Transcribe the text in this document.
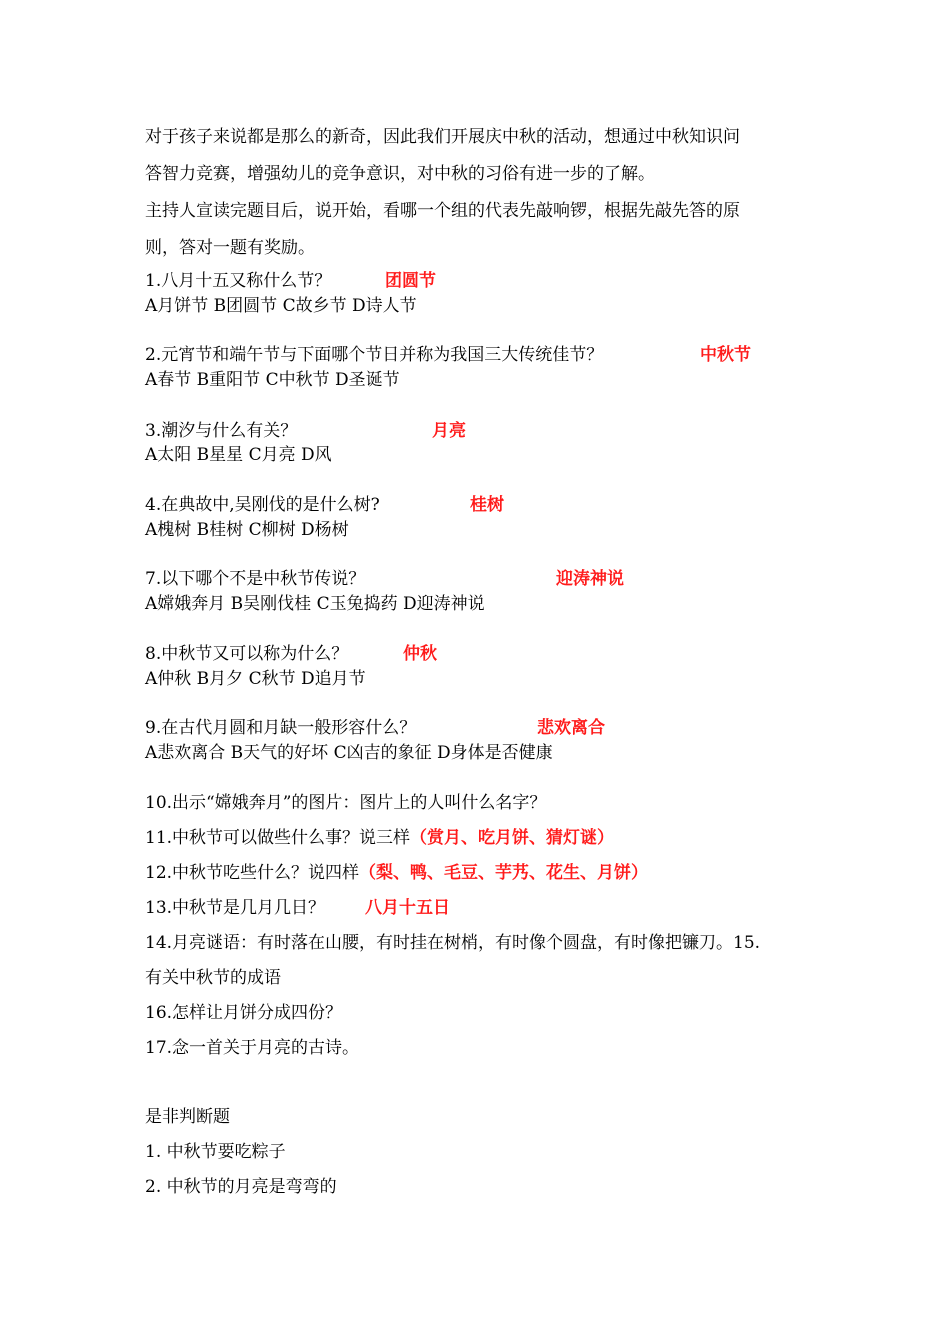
对于孩子来说都是那么的新奇，因此我们开展庆中秋的活动，想通过中秋知识问
答智力竞赛，增强幼儿的竞争意识，对中秋的习俗有进一步的了解。
主持人宣读完题目后，说开始，看哪一个组的代表先敲响锣，根据先敲先答的原
则，答对一题有奖励。
1.八月十五又称什么节？	团圆节
A月饼节 B团圆节 C故乡节 D诗人节
2.元宵节和端午节与下面哪个节日并称为我国三大传统佳节？	中秋节
A春节 B重阳节 C中秋节 D圣诞节
3.潮汐与什么有关？	月亮
A太阳 B星星 C月亮 D风
4.在典故中,吴刚伐的是什么树?	桂树
A槐树 B桂树 C柳树 D杨树
7.以下哪个不是中秋节传说？	迎涛神说
A嫦娥奔月 B吴刚伐桂 C玉兔捣药 D迎涛神说
8.中秋节又可以称为什么？	仲秋
A仲秋 B月夕 C秋节 D追月节
9.在古代月圆和月缺一般形容什么？	悲欢离合
A悲欢离合 B天气的好坏 C凶吉的象征 D身体是否健康
10.出示“嫦娥奔月”的图片：图片上的人叫什么名字？
11.中秋节可以做些什么事？说三样（赏月、吃月饼、猜灯谜）
12.中秋节吃些什么？说四样（梨、鸭、毛豆、芋艿、花生、月饼）
13.中秋节是几月几日？ 八月十五日
14.月亮谜语：有时落在山腰，有时挂在树梢，有时像个圆盘，有时像把镰刀。15.
有关中秋节的成语
16.怎样让月饼分成四份？
17.念一首关于月亮的古诗。
是非判断题
1. 中秋节要吃粽子
2. 中秋节的月亮是弯弯的
